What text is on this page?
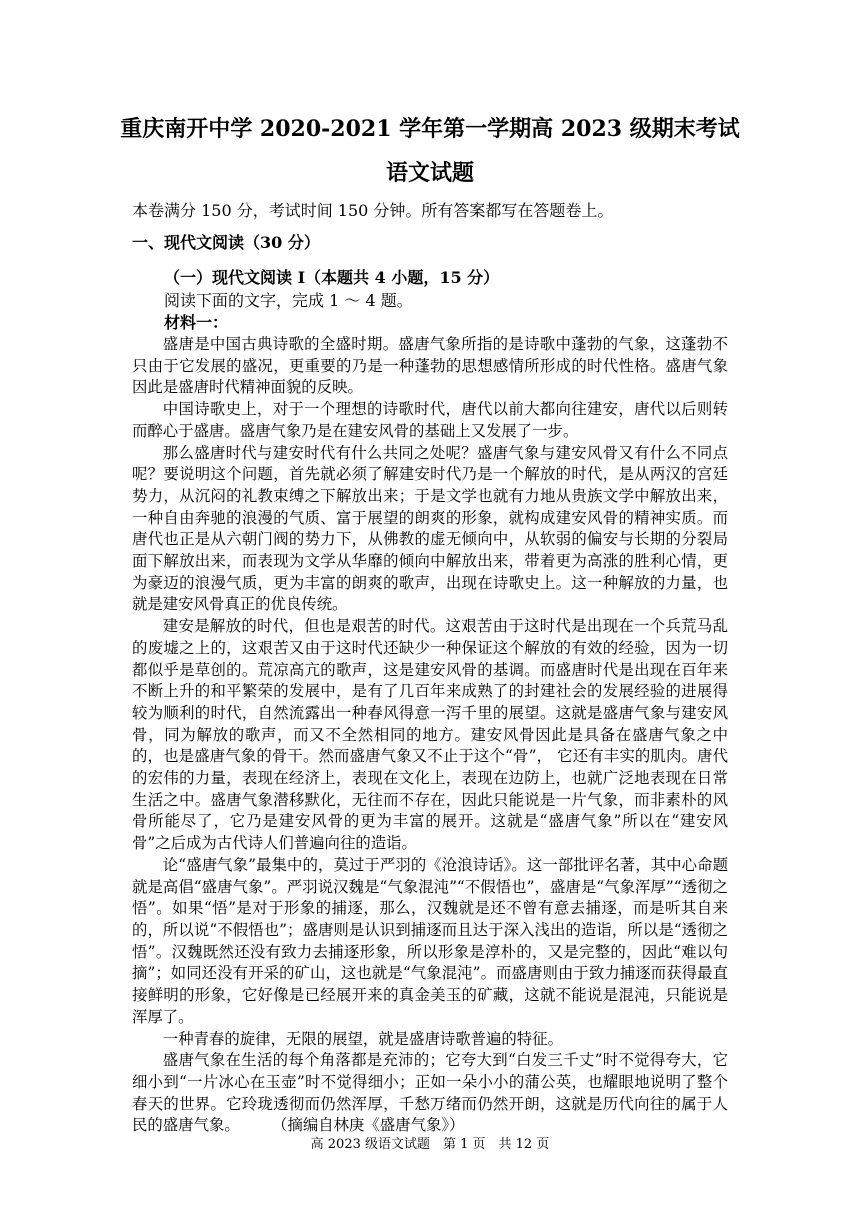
重庆南开中学 2020-2021 学年第一学期高 2023 级期末考试
语文试题

本卷满分 150 分，考试时间 150 分钟。所有答案都写在答题卷上。

一、现代文阅读（30 分）

（一）现代文阅读 Ⅰ（本题共 4 小题，15 分）

阅读下面的文字，完成 1 ～ 4 题。

材料一：

盛唐是中国古典诗歌的全盛时期。盛唐气象所指的是诗歌中蓬勃的气象，这蓬勃不只由于它发展的盛况，更重要的乃是一种蓬勃的思想感情所形成的时代性格。盛唐气象因此是盛唐时代精神面貌的反映。

中国诗歌史上，对于一个理想的诗歌时代，唐代以前大都向往建安，唐代以后则转而醉心于盛唐。盛唐气象乃是在建安风骨的基础上又发展了一步。

那么盛唐时代与建安时代有什么共同之处呢？盛唐气象与建安风骨又有什么不同点呢？要说明这个问题，首先就必须了解建安时代乃是一个解放的时代，是从两汉的宫廷势力，从沉闷的礼教束缚之下解放出来；于是文学也就有力地从贵族文学中解放出来，一种自由奔驰的浪漫的气质、富于展望的朗爽的形象，就构成建安风骨的精神实质。而唐代也正是从六朝门阀的势力下，从佛教的虚无倾向中，从软弱的偏安与长期的分裂局面下解放出来，而表现为文学从华靡的倾向中解放出来，带着更为高涨的胜利心情，更为豪迈的浪漫气质，更为丰富的朗爽的歌声，出现在诗歌史上。这一种解放的力量，也就是建安风骨真正的优良传统。

建安是解放的时代，但也是艰苦的时代。这艰苦由于这时代是出现在一个兵荒马乱的废墟之上的，这艰苦又由于这时代还缺少一种保证这个解放的有效的经验，因为一切都似乎是草创的。荒凉高亢的歌声，这是建安风骨的基调。而盛唐时代是出现在百年来不断上升的和平繁荣的发展中，是有了几百年来成熟了的封建社会的发展经验的进展得较为顺利的时代，自然流露出一种春风得意一泻千里的展望。这就是盛唐气象与建安风骨，同为解放的歌声，而又不全然相同的地方。建安风骨因此是具备在盛唐气象之中的，也是盛唐气象的骨干。然而盛唐气象又不止于这个“骨”， 它还有丰实的肌肉。唐代的宏伟的力量，表现在经济上，表现在文化上，表现在边防上，也就广泛地表现在日常生活之中。盛唐气象潜移默化，无往而不存在，因此只能说是一片气象，而非素朴的风骨所能尽了，它乃是建安风骨的更为丰富的展开。这就是“盛唐气象”所以在“建安风骨”之后成为古代诗人们普遍向往的造诣。

论“盛唐气象”最集中的，莫过于严羽的《沧浪诗话》。这一部批评名著，其中心命题就是高倡“盛唐气象”。严羽说汉魏是“气象混沌”“不假悟也”，盛唐是“气象浑厚”“透彻之悟”。如果“悟”是对于形象的捕逐，那么，汉魏就是还不曾有意去捕逐，而是听其自来的，所以说“不假悟也”；盛唐则是认识到捕逐而且达于深入浅出的造诣，所以是“透彻之悟”。汉魏既然还没有致力去捕逐形象，所以形象是淳朴的，又是完整的，因此“难以句摘”；如同还没有开采的矿山，这也就是“气象混沌”。而盛唐则由于致力捕逐而获得最直接鲜明的形象，它好像是已经展开来的真金美玉的矿藏，这就不能说是混沌，只能说是浑厚了。

一种青春的旋律，无限的展望，就是盛唐诗歌普遍的特征。

盛唐气象在生活的每个角落都是充沛的；它夸大到“白发三千丈”时不觉得夸大，它细小到“一片冰心在玉壶”时不觉得细小；正如一朵小小的蒲公英，也耀眼地说明了整个春天的世界。它玲珑透彻而仍然浑厚，千愁万绪而仍然开朗，这就是历代向往的属于人民的盛唐气象。	（摘编自林庚《盛唐气象》）

高 2023 级语文试题　第 1 页　共 12 页
